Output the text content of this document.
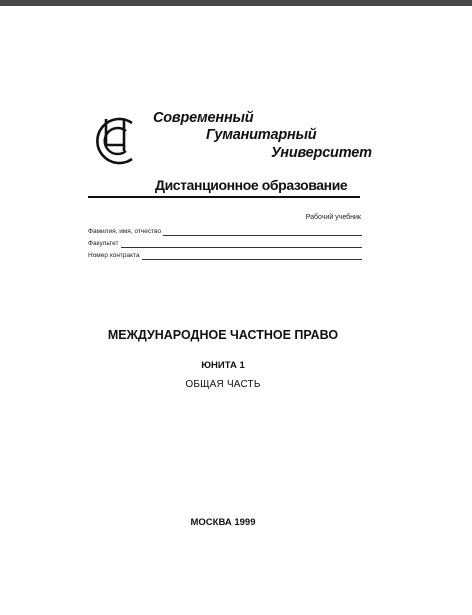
Современный
Гуманитарный
Университет
Дистанционное образование
Рабочий учебник
Фамилия, имя, отчество
Факультет
Номер контракта
МЕЖДУНАРОДНОЕ ЧАСТНОЕ ПРАВО
ЮНИТА 1
ОБЩАЯ ЧАСТЬ
МОСКВА 1999
